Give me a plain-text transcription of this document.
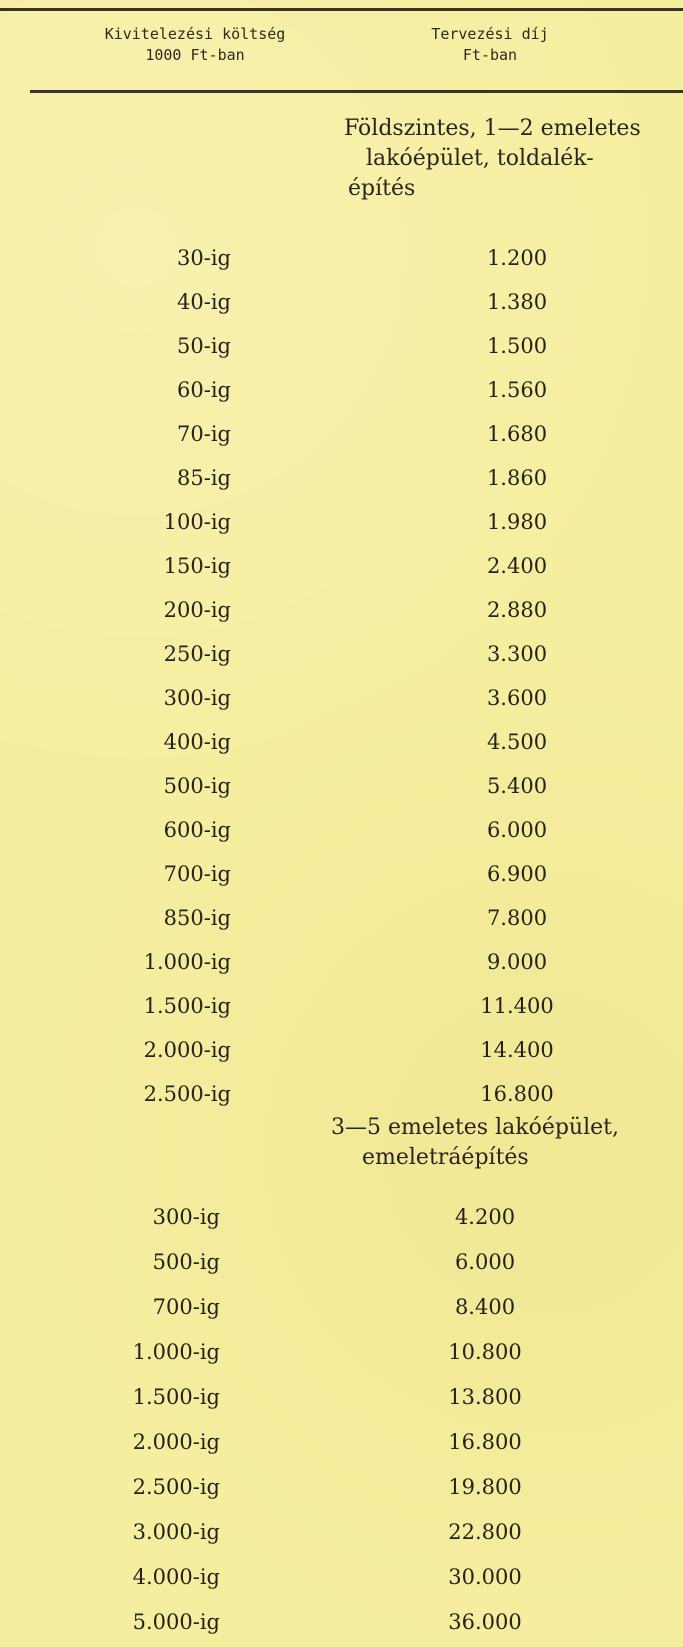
Kivitelezési költség
1000 Ft-ban
Tervezési díj
Ft-ban
Földszintes, 1—2 emeletes
lakóépület, toldalék-
építés
30-ig	1.200
40-ig	1.380
50-ig	1.500
60-ig	1.560
70-ig	1.680
85-ig	1.860
100-ig	1.980
150-ig	2.400
200-ig	2.880
250-ig	3.300
300-ig	3.600
400-ig	4.500
500-ig	5.400
600-ig	6.000
700-ig	6.900
850-ig	7.800
1.000-ig	9.000
1.500-ig	11.400
2.000-ig	14.400
2.500-ig	16.800
3—5 emeletes lakóépület,
emeletráépítés
300-ig	4.200
500-ig	6.000
700-ig	8.400
1.000-ig	10.800
1.500-ig	13.800
2.000-ig	16.800
2.500-ig	19.800
3.000-ig	22.800
4.000-ig	30.000
5.000-ig	36.000
